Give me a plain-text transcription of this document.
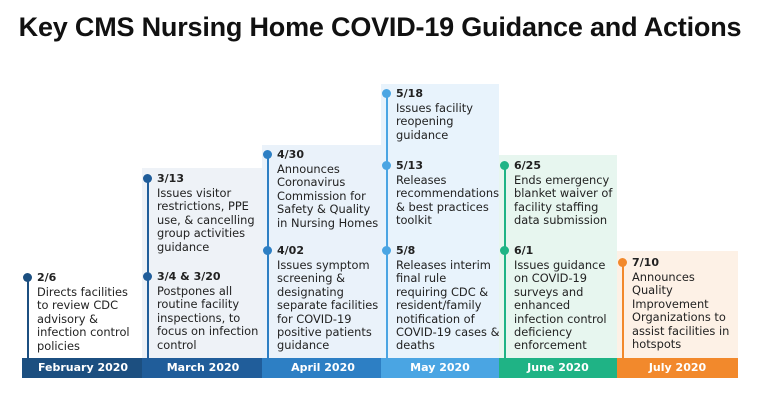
Key CMS Nursing Home COVID-19 Guidance and Actions
2/6
Directs facilities to review CDC advisory & infection control policies
February 2020
3/13
Issues visitor restrictions, PPE use, & cancelling group activities guidance
3/4 & 3/20
Postpones all routine facility inspections, to focus on infection control
March 2020
4/30
Announces Coronavirus Commission for Safety & Quality in Nursing Homes
4/02
Issues symptom screening & designating separate facilities for COVID-19 positive patients guidance
April 2020
5/18
Issues facility reopening guidance
5/13
Releases recommendations & best practices toolkit
5/8
Releases interim final rule requiring CDC & resident/family notification of COVID-19 cases & deaths
May 2020
6/25
Ends emergency blanket waiver of facility staffing data submission
6/1
Issues guidance on COVID-19 surveys and enhanced infection control deficiency enforcement
June 2020
7/10
Announces Quality Improvement Organizations to assist facilities in hotspots
July 2020
